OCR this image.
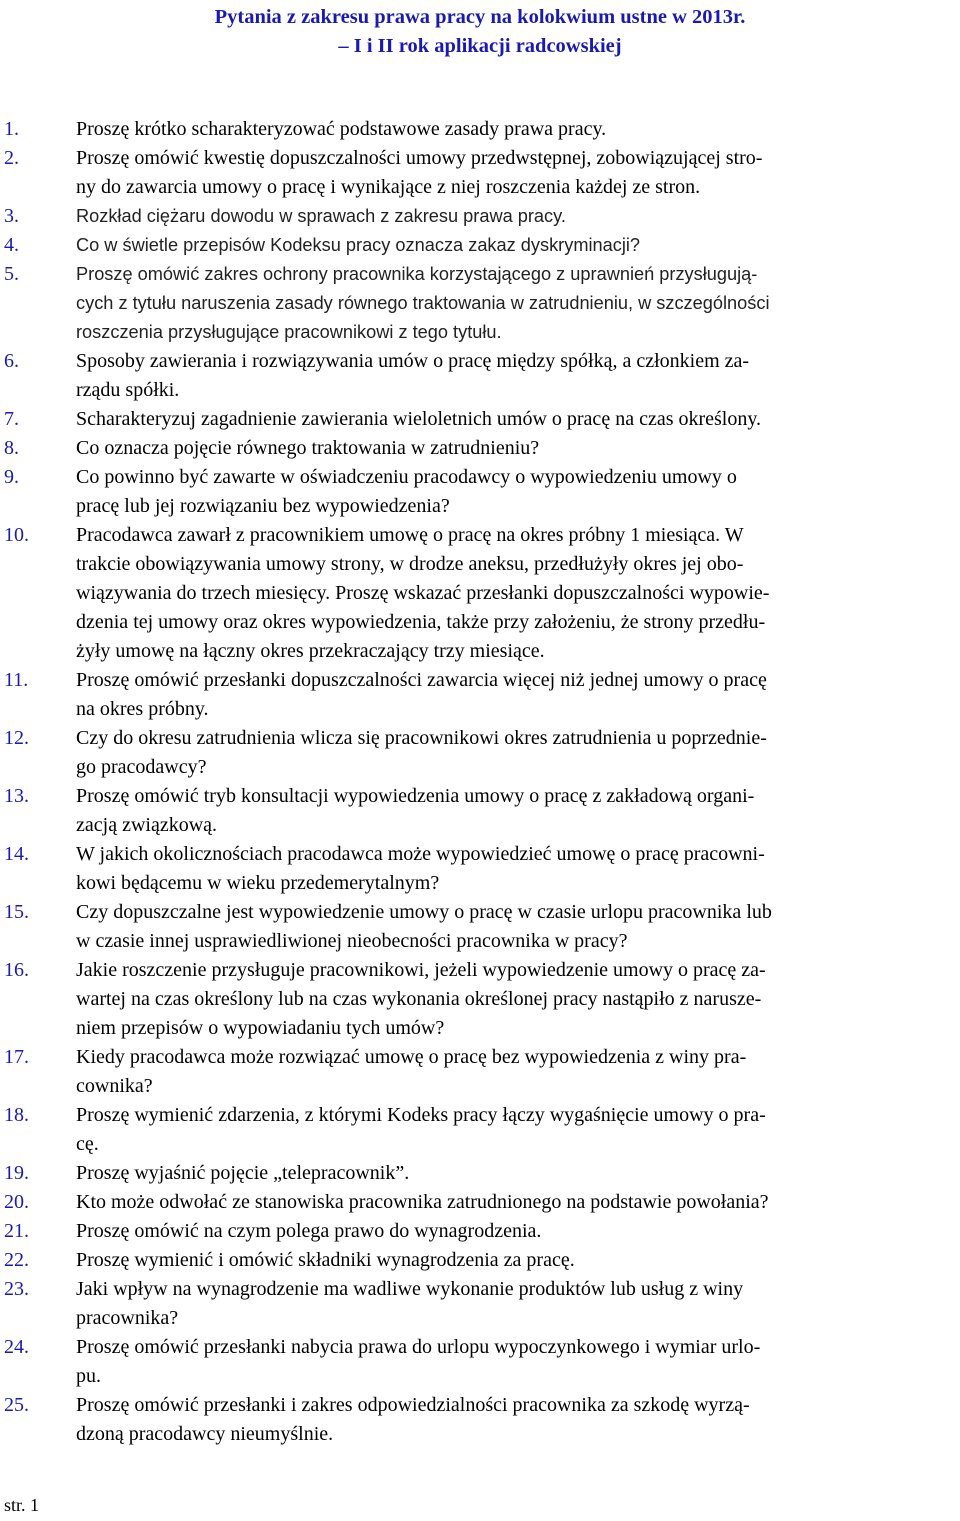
Pytania z zakresu prawa pracy na kolokwium ustne w 2013r.
– I i II rok aplikacji radcowskiej
1.	Proszę krótko scharakteryzować podstawowe zasady prawa pracy.
2.	Proszę omówić kwestię dopuszczalności umowy przedwstępnej, zobowiązującej stro-
ny do zawarcia umowy o pracę i wynikające z niej roszczenia każdej ze stron.
3.	Rozkład ciężaru dowodu w sprawach z zakresu prawa pracy.
4.	Co w świetle przepisów Kodeksu pracy oznacza zakaz dyskryminacji?
5.	Proszę omówić zakres ochrony pracownika korzystającego z uprawnień przysługują-
cych z tytułu naruszenia zasady równego traktowania w zatrudnieniu, w szczególności
roszczenia przysługujące pracownikowi z tego tytułu.
6.	Sposoby zawierania i rozwiązywania umów o pracę między spółką, a członkiem za-
rządu spółki.
7.	Scharakteryzuj zagadnienie zawierania wieloletnich umów o pracę na czas określony.
8.	Co oznacza pojęcie równego traktowania w zatrudnieniu?
9.	Co powinno być zawarte w oświadczeniu pracodawcy o wypowiedzeniu umowy o
pracę lub jej rozwiązaniu bez wypowiedzenia?
10.	Pracodawca zawarł z pracownikiem umowę o pracę na okres próbny 1 miesiąca. W
trakcie obowiązywania umowy strony, w drodze aneksu, przedłużyły okres jej obo-
wiązywania do trzech miesięcy. Proszę wskazać przesłanki dopuszczalności wypowie-
dzenia tej umowy oraz okres wypowiedzenia, także przy założeniu, że strony przedłu-
żyły umowę na łączny okres przekraczający trzy miesiące.
11.	Proszę omówić przesłanki dopuszczalności zawarcia więcej niż jednej umowy o pracę
na okres próbny.
12.	Czy do okresu zatrudnienia wlicza się pracownikowi okres zatrudnienia u poprzednie-
go pracodawcy?
13.	Proszę omówić tryb konsultacji wypowiedzenia umowy o pracę z zakładową organi-
zacją związkową.
14.	W jakich okolicznościach pracodawca może wypowiedzieć umowę o pracę pracowni-
kowi będącemu w wieku przedemerytalnym?
15.	Czy dopuszczalne jest wypowiedzenie umowy o pracę w czasie urlopu pracownika lub
w czasie innej usprawiedliwionej nieobecności pracownika w pracy?
16.	Jakie roszczenie przysługuje pracownikowi, jeżeli wypowiedzenie umowy o pracę za-
wartej na czas określony lub na czas wykonania określonej pracy nastąpiło z narusze-
niem przepisów o wypowiadaniu tych umów?
17.	Kiedy pracodawca może rozwiązać umowę o pracę bez wypowiedzenia z winy pra-
cownika?
18.	Proszę wymienić zdarzenia, z którymi Kodeks pracy łączy wygaśnięcie umowy o pra-
cę.
19.	Proszę wyjaśnić pojęcie „telepracownik”.
20.	Kto może odwołać ze stanowiska pracownika zatrudnionego na podstawie powołania?
21.	Proszę omówić na czym polega prawo do wynagrodzenia.
22.	Proszę wymienić i omówić składniki wynagrodzenia za pracę.
23.	Jaki wpływ na wynagrodzenie ma wadliwe wykonanie produktów lub usług z winy
pracownika?
24.	Proszę omówić przesłanki nabycia prawa do urlopu wypoczynkowego i wymiar urlo-
pu.
25.	Proszę omówić przesłanki i zakres odpowiedzialności pracownika za szkodę wyrzą-
dzoną pracodawcy nieumyślnie.
str. 1
